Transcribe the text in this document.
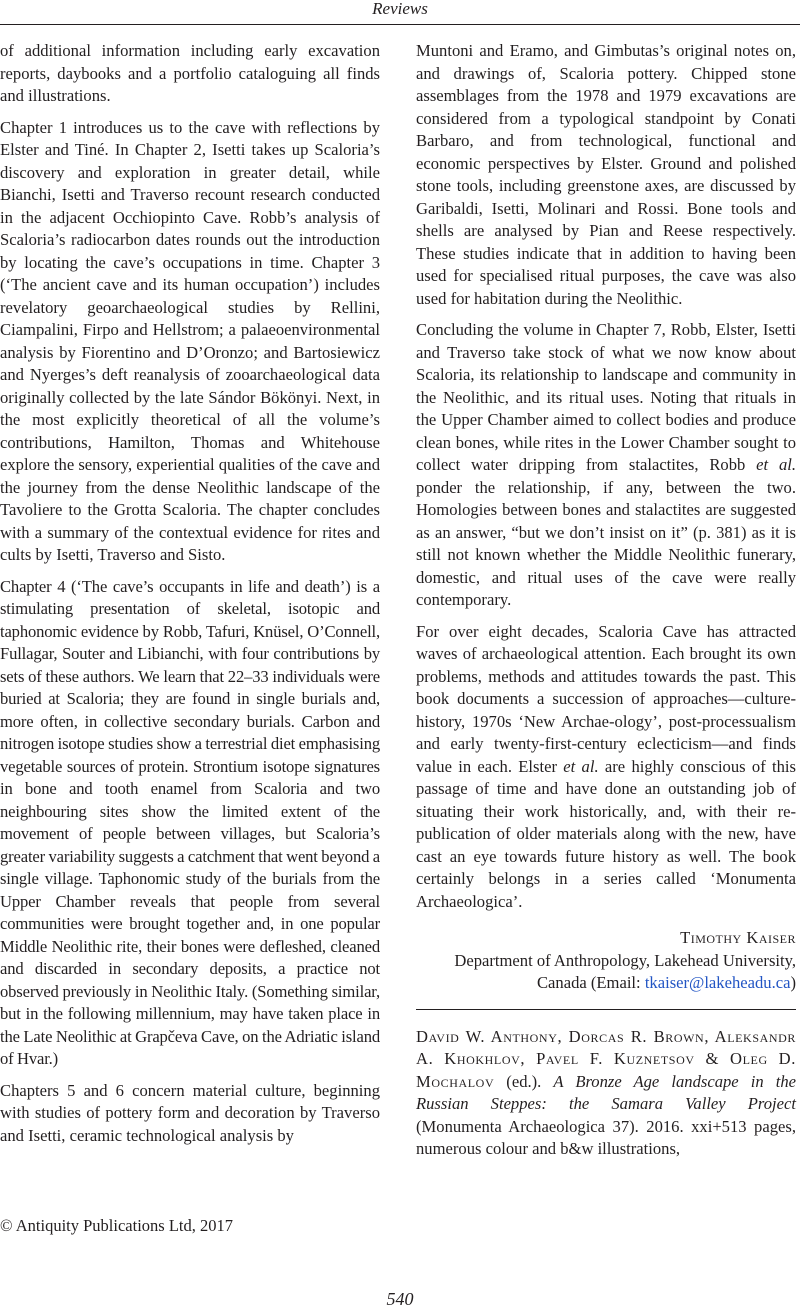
Reviews

of additional information including early excavation reports, daybooks and a portfolio cataloguing all finds and illustrations.

Chapter 1 introduces us to the cave with reflections by Elster and Tiné. In Chapter 2, Isetti takes up Scaloria’s discovery and exploration in greater detail, while Bianchi, Isetti and Traverso recount research conducted in the adjacent Occhiopinto Cave. Robb’s analysis of Scaloria’s radiocarbon dates rounds out the introduction by locating the cave’s occupations in time. Chapter 3 (‘The ancient cave and its human occupation’) includes revelatory geoarchaeological studies by Rellini, Ciampalini, Firpo and Hellstrom; a palaeoenvironmental analysis by Fiorentino and D’Oronzo; and Bartosiewicz and Nyerges’s deft reanalysis of zooarchaeological data originally collected by the late Sándor Bökönyi. Next, in the most explicitly theoretical of all the volume’s contributions, Hamilton, Thomas and Whitehouse explore the sensory, experiential qualities of the cave and the journey from the dense Neolithic landscape of the Tavoliere to the Grotta Scaloria. The chapter concludes with a summary of the contextual evidence for rites and cults by Isetti, Traverso and Sisto.

Chapter 4 (‘The cave’s occupants in life and death’) is a stimulating presentation of skeletal, isotopic and taphonomic evidence by Robb, Tafuri, Knüsel, O’Connell, Fullagar, Souter and Libianchi, with four contributions by sets of these authors. We learn that 22–33 individuals were buried at Scaloria; they are found in single burials and, more often, in collective secondary burials. Carbon and nitrogen isotope studies show a terrestrial diet emphasising vegetable sources of protein. Strontium isotope signatures in bone and tooth enamel from Scaloria and two neighbouring sites show the limited extent of the movement of people between villages, but Scaloria’s greater variability suggests a catchment that went beyond a single village. Taphonomic study of the burials from the Upper Chamber reveals that people from several communities were brought together and, in one popular Middle Neolithic rite, their bones were defleshed, cleaned and discarded in secondary deposits, a practice not observed previously in Neolithic Italy. (Something similar, but in the following millennium, may have taken place in the Late Neolithic at Grapčeva Cave, on the Adriatic island of Hvar.)

Chapters 5 and 6 concern material culture, beginning with studies of pottery form and decoration by Traverso and Isetti, ceramic technological analysis by

Muntoni and Eramo, and Gimbutas’s original notes on, and drawings of, Scaloria pottery. Chipped stone assemblages from the 1978 and 1979 excavations are considered from a typological standpoint by Conati Barbaro, and from technological, functional and economic perspectives by Elster. Ground and polished stone tools, including greenstone axes, are discussed by Garibaldi, Isetti, Molinari and Rossi. Bone tools and shells are analysed by Pian and Reese respectively. These studies indicate that in addition to having been used for specialised ritual purposes, the cave was also used for habitation during the Neolithic.

Concluding the volume in Chapter 7, Robb, Elster, Isetti and Traverso take stock of what we now know about Scaloria, its relationship to landscape and community in the Neolithic, and its ritual uses. Noting that rituals in the Upper Chamber aimed to collect bodies and produce clean bones, while rites in the Lower Chamber sought to collect water dripping from stalactites, Robb et al. ponder the relationship, if any, between the two. Homologies between bones and stalactites are suggested as an answer, “but we don’t insist on it” (p. 381) as it is still not known whether the Middle Neolithic funerary, domestic, and ritual uses of the cave were really contemporary.

For over eight decades, Scaloria Cave has attracted waves of archaeological attention. Each brought its own problems, methods and attitudes towards the past. This book documents a succession of approaches—culture-history, 1970s ‘New Archae-ology’, post-processualism and early twenty-first-century eclecticism—and finds value in each. Elster et al. are highly conscious of this passage of time and have done an outstanding job of situating their work historically, and, with their re-publication of older materials along with the new, have cast an eye towards future history as well. The book certainly belongs in a series called ‘Monumenta Archaeologica’.

Timothy Kaiser
Department of Anthropology, Lakehead University,
Canada (Email: tkaiser@lakeheadu.ca)

David W. Anthony, Dorcas R. Brown, Aleksandr A. Khokhlov, Pavel F. Kuznetsov & Oleg D. Mochalov (ed.). A Bronze Age landscape in the Russian Steppes: the Samara Valley Project (Monumenta Archaeologica 37). 2016. xxi+513 pages, numerous colour and b&w illustrations,

© Antiquity Publications Ltd, 2017
540
